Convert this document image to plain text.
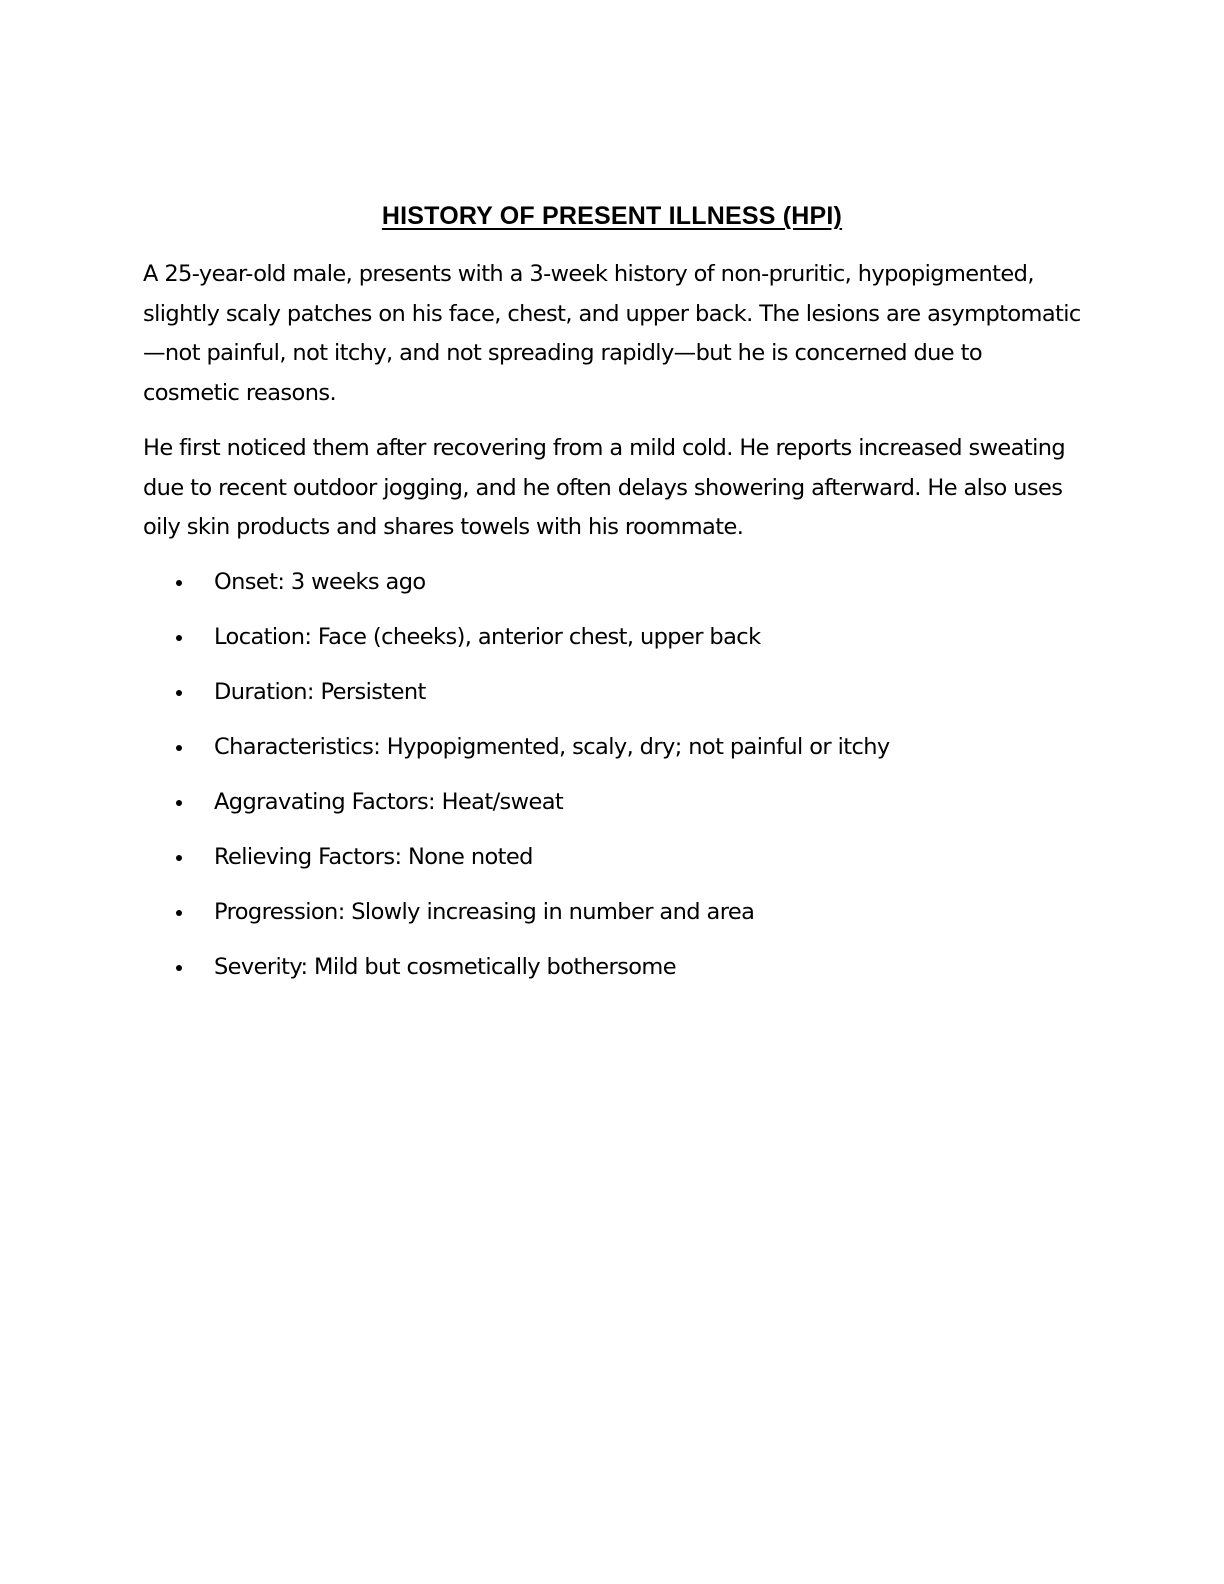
HISTORY OF PRESENT ILLNESS (HPI)

A 25-year-old male, presents with a 3-week history of non-pruritic, hypopigmented, slightly scaly patches on his face, chest, and upper back. The lesions are asymptomatic—not painful, not itchy, and not spreading rapidly—but he is concerned due to cosmetic reasons.

He first noticed them after recovering from a mild cold. He reports increased sweating due to recent outdoor jogging, and he often delays showering afterward. He also uses oily skin products and shares towels with his roommate.

Onset: 3 weeks ago
Location: Face (cheeks), anterior chest, upper back
Duration: Persistent
Characteristics: Hypopigmented, scaly, dry; not painful or itchy
Aggravating Factors: Heat/sweat
Relieving Factors: None noted
Progression: Slowly increasing in number and area
Severity: Mild but cosmetically bothersome
